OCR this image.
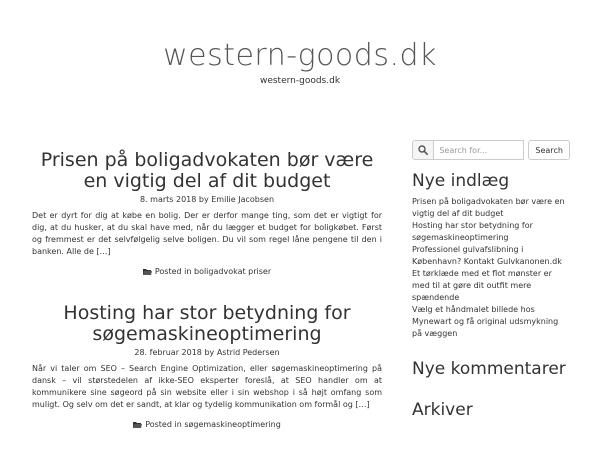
western-goods.dk
western-goods.dk
Prisen på boligadvokaten bør være en vigtig del af dit budget
8. marts 2018 by Emilie Jacobsen
Det er dyrt for dig at købe en bolig. Der er derfor mange ting, som det er vigtigt for dig, at du husker, at du skal have med, når du lægger et budget for boligkøbet. Først og fremmest er det selvfølgelig selve boligen. Du vil som regel låne pengene til den i banken. Alle de […]
Posted in boligadvokat priser
Hosting har stor betydning for søgemaskineoptimering
28. februar 2018 by Astrid Pedersen
Når vi taler om SEO – Search Engine Optimization, eller søgemaskineoptimering på dansk – vil størstedelen af ikke-SEO eksperter foreslå, at SEO handler om at kommunikere sine søgeord på sin website eller i sin webshop i så højt omfang som muligt. Og selv om det er sandt, at klar og tydelig kommunikation om formål og […]
Posted in søgemaskineoptimering
Search for...
Search
Nye indlæg
Prisen på boligadvokaten bør være en vigtig del af dit budget
Hosting har stor betydning for søgemaskineoptimering
Professionel gulvafslibning i København? Kontakt Gulvkanonen.dk
Et tørklæde med et flot mønster er med til at gøre dit outfit mere spændende
Vælg et håndmalet billede hos Mynewart og få original udsmykning på væggen
Nye kommentarer
Arkiver
